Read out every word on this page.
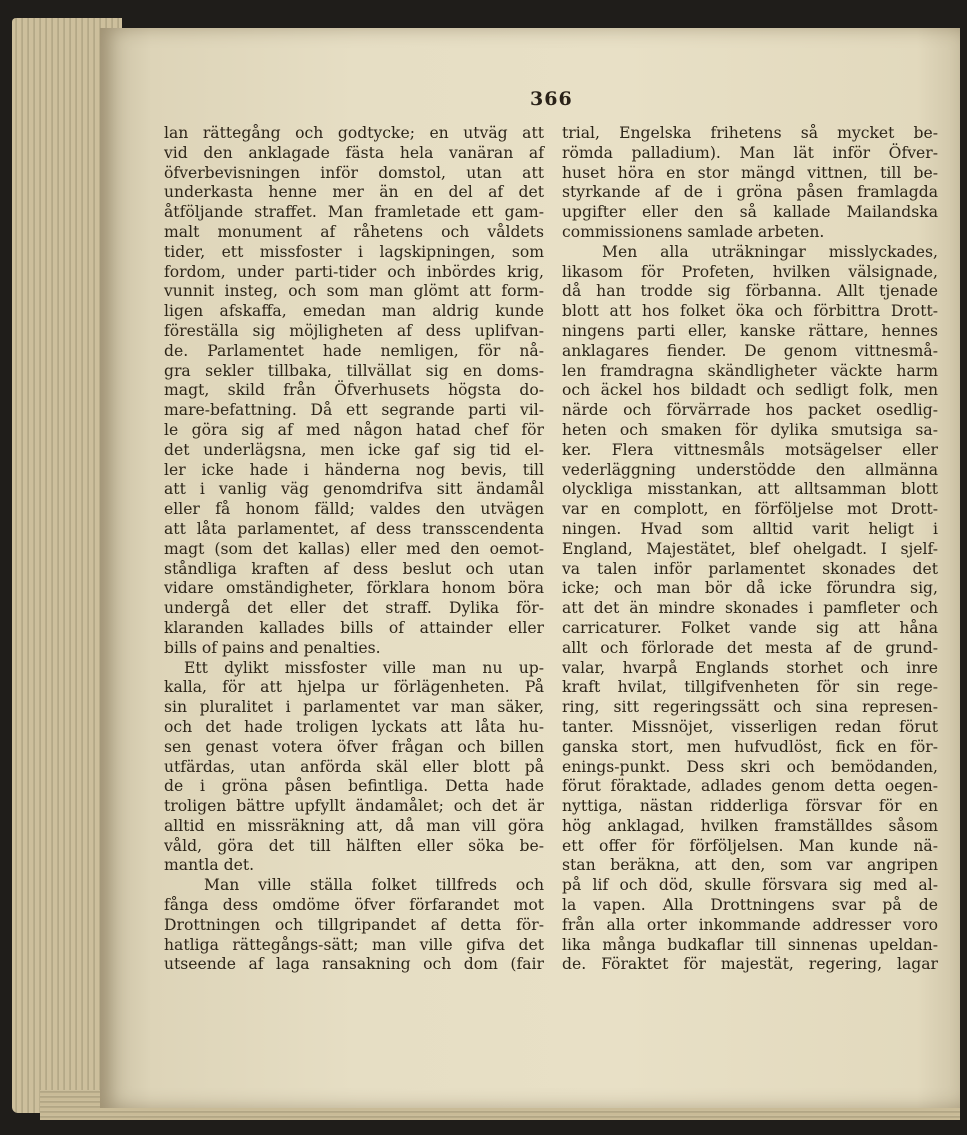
366
lan rättegång och godtycke; en utväg att
vid den anklagade fästa hela vanäran af
öfverbevisningen inför domstol, utan att
underkasta henne mer än en del af det
åtföljande straffet. Man framletade ett gam-
malt monument af råhetens och våldets
tider, ett missfoster i lagskipningen, som
fordom, under parti-tider och inbördes krig,
vunnit insteg, och som man glömt att form-
ligen afskaffa, emedan man aldrig kunde
föreställa sig möjligheten af dess uplifvan-
de. Parlamentet hade nemligen, för nå-
gra sekler tillbaka, tillvällat sig en doms-
magt, skild från Öfverhusets högsta do-
mare-befattning. Då ett segrande parti vil-
le göra sig af med någon hatad chef för
det underlägsna, men icke gaf sig tid el-
ler icke hade i händerna nog bevis, till
att i vanlig väg genomdrifva sitt ändamål
eller få honom fälld; valdes den utvägen
att låta parlamentet, af dess transscendenta
magt (som det kallas) eller med den oemot-
ståndliga kraften af dess beslut och utan
vidare omständigheter, förklara honom böra
undergå det eller det straff. Dylika för-
klaranden kallades bills of attainder eller
bills of pains and penalties.
Ett dylikt missfoster ville man nu up-
kalla, för att hjelpa ur förlägenheten. På
sin pluralitet i parlamentet var man säker,
och det hade troligen lyckats att låta hu-
sen genast votera öfver frågan och billen
utfärdas, utan anförda skäl eller blott på
de i gröna påsen befintliga. Detta hade
troligen bättre upfyllt ändamålet; och det är
alltid en missräkning att, då man vill göra
våld, göra det till hälften eller söka be-
mantla det.
Man ville ställa folket tillfreds och
fånga dess omdöme öfver förfarandet mot
Drottningen och tillgripandet af detta för-
hatliga rättegångs-sätt; man ville gifva det
utseende af laga ransakning och dom (fair
trial, Engelska frihetens så mycket be-
römda palladium). Man lät inför Öfver-
huset höra en stor mängd vittnen, till be-
styrkande af de i gröna påsen framlagda
upgifter eller den så kallade Mailandska
commissionens samlade arbeten.
Men alla uträkningar misslyckades,
likasom för Profeten, hvilken välsignade,
då han trodde sig förbanna. Allt tjenade
blott att hos folket öka och förbittra Drott-
ningens parti eller, kanske rättare, hennes
anklagares fiender. De genom vittnesmå-
len framdragna skändligheter väckte harm
och äckel hos bildadt och sedligt folk, men
närde och förvärrade hos packet osedlig-
heten och smaken för dylika smutsiga sa-
ker. Flera vittnesmåls motsägelser eller
vederläggning understödde den allmänna
olyckliga misstankan, att alltsamman blott
var en complott, en förföljelse mot Drott-
ningen. Hvad som alltid varit heligt i
England, Majestätet, blef ohelgadt. I sjelf-
va talen inför parlamentet skonades det
icke; och man bör då icke förundra sig,
att det än mindre skonades i pamfleter och
carricaturer. Folket vande sig att håna
allt och förlorade det mesta af de grund-
valar, hvarpå Englands storhet och inre
kraft hvilat, tillgifvenheten för sin rege-
ring, sitt regeringssätt och sina represen-
tanter. Missnöjet, visserligen redan förut
ganska stort, men hufvudlöst, fick en för-
enings-punkt. Dess skri och bemödanden,
förut föraktade, adlades genom detta oegen-
nyttiga, nästan ridderliga försvar för en
hög anklagad, hvilken framställdes såsom
ett offer för förföljelsen. Man kunde nä-
stan beräkna, att den, som var angripen
på lif och död, skulle försvara sig med al-
la vapen. Alla Drottningens svar på de
från alla orter inkommande addresser voro
lika många budkaflar till sinnenas upeldan-
de. Föraktet för majestät, regering, lagar
